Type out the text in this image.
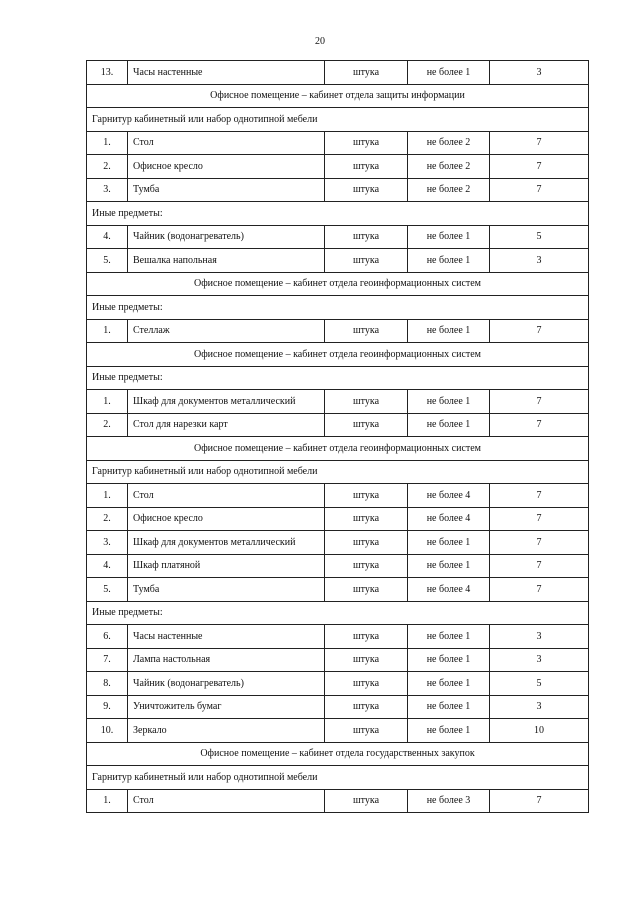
20
13.	Часы настенные	штука	не более 1	3
Офисное помещение – кабинет отдела защиты информации				
Гарнитур кабинетный или набор однотипной мебели				
1.	Стол	штука	не более 2	7
2.	Офисное кресло	штука	не более 2	7
3.	Тумба	штука	не более 2	7
Иные предметы:				
4.	Чайник (водонагреватель)	штука	не более 1	5
5.	Вешалка напольная	штука	не более 1	3
Офисное помещение – кабинет отдела геоинформационных систем				
Иные предметы:				
1.	Стеллаж	штука	не более 1	7
Офисное помещение – кабинет отдела геоинформационных систем				
Иные предметы:				
1.	Шкаф для документов металлический	штука	не более 1	7
2.	Стол для нарезки карт	штука	не более 1	7
Офисное помещение – кабинет отдела геоинформационных систем				
Гарнитур кабинетный или набор однотипной мебели				
1.	Стол	штука	не более 4	7
2.	Офисное кресло	штука	не более 4	7
3.	Шкаф для документов металлический	штука	не более 1	7
4.	Шкаф платяной	штука	не более 1	7
5.	Тумба	штука	не более 4	7
Иные предметы:				
6.	Часы настенные	штука	не более 1	3
7.	Лампа настольная	штука	не более 1	3
8.	Чайник (водонагреватель)	штука	не более 1	5
9.	Уничтожитель бумаг	штука	не более 1	3
10.	Зеркало	штука	не более 1	10
Офисное помещение – кабинет отдела государственных закупок				
Гарнитур кабинетный или набор однотипной мебели				
1.	Стол	штука	не более 3	7
